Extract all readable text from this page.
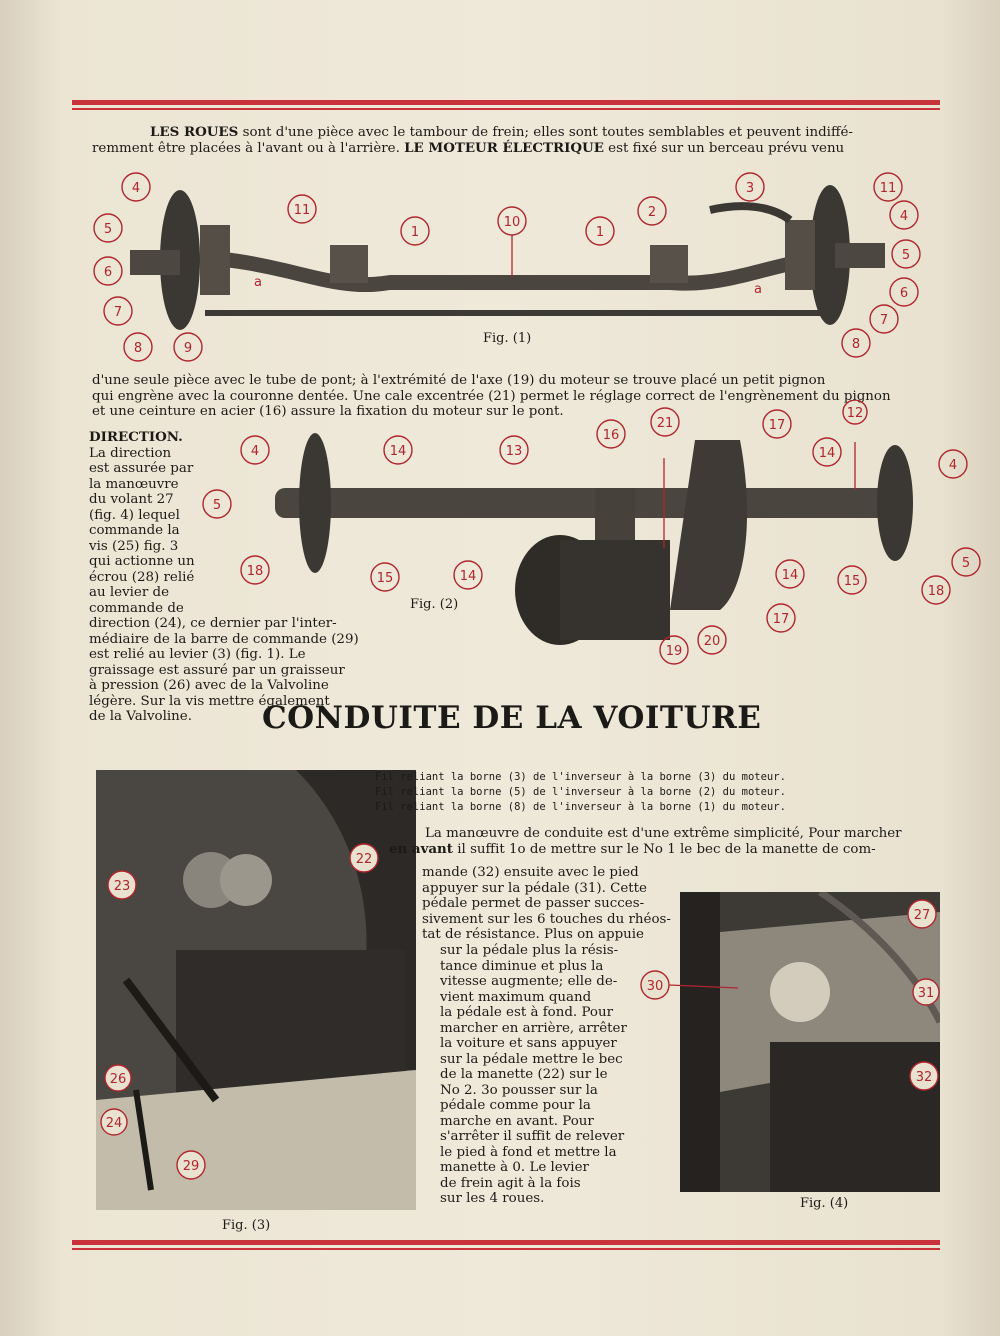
LES ROUES sont d'une pièce avec le tambour de frein; elles sont toutes semblables et peuvent indiffé-
remment être placées à l'avant ou à l'arrière. LE MOTEUR ÉLECTRIQUE est fixé sur un berceau prévu venu
4
5
6
7
8	9
11
1
10
1
2
3	11
4
5
6
7
8
a	a
Fig. (1)
d'une seule pièce avec le tube de pont; à l'extrémité de l'axe (19) du moteur se trouve placé un petit pignon
qui engrène avec la couronne dentée. Une cale excentrée (21) permet le réglage correct de l'engrènement du pignon
et une ceinture en acier (16) assure la fixation du moteur sur le pont.
DIRECTION.
La direction
est assurée par
la manœuvre
du volant 27
(fig. 4) lequel
commande la
vis (25) fig. 3
qui actionne un
écrou (28) relié
au levier de
commande de
direction (24), ce dernier par l'inter-
médiaire de la barre de commande (29)
est relié au levier (3) (fig. 1). Le
graissage est assuré par un graisseur
à pression (26) avec de la Valvoline
légère. Sur la vis mettre également
de la Valvoline.
4
5
18
14
15	14
13
16
21	17
12
14
4
5
18
15
14
17
19
20
Fig. (2)
CONDUITE DE LA VOITURE
22
23
26
24
29
Fig. (3)
Fil reliant la borne (3) de l'inverseur à la borne (3) du moteur.
Fil reliant la borne (5) de l'inverseur à la borne (2) du moteur.
Fil reliant la borne (8) de l'inverseur à la borne (1) du moteur.
La manœuvre de conduite est d'une extrême simplicité, Pour marcher
en avant il suffit 1o de mettre sur le No 1 le bec de la manette de com-
mande (32) ensuite avec le pied
appuyer sur la pédale (31). Cette
pédale permet de passer succes-
sivement sur les 6 touches du rhéos-
tat de résistance. Plus on appuie
sur la pédale plus la résis-
tance diminue et plus la
vitesse augmente; elle de-
vient maximum quand
la pédale est à fond. Pour
marcher en arrière, arrêter
la voiture et sans appuyer
sur la pédale mettre le bec
de la manette (22) sur le
No 2. 3o pousser sur la
pédale comme pour la
marche en avant. Pour
s'arrêter il suffit de relever
le pied à fond et mettre la
manette à 0. Le levier
de frein agit à la fois
sur les 4 roues.
27
31
32
30
Fig. (4)
